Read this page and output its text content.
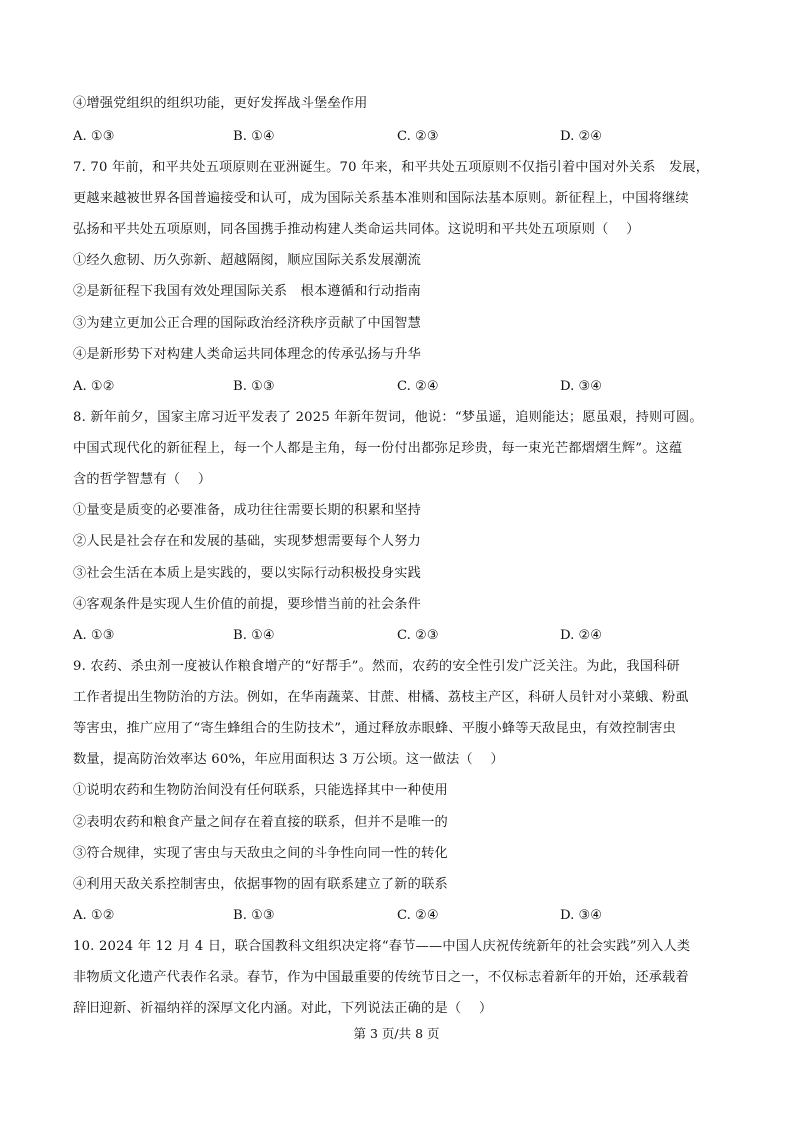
④增强党组织的组织功能，更好发挥战斗堡垒作用
A. ①③	B. ①④	C. ②③	D. ②④
7. 70 年前，和平共处五项原则在亚洲诞生。70 年来，和平共处五项原则不仅指引着中国对外关系　发展，
更越来越被世界各国普遍接受和认可，成为国际关系基本准则和国际法基本原则。新征程上，中国将继续
弘扬和平共处五项原则，同各国携手推动构建人类命运共同体。这说明和平共处五项原则（　 ）
①经久愈韧、历久弥新、超越隔阂，顺应国际关系发展潮流
②是新征程下我国有效处理国际关系　根本遵循和行动指南
③为建立更加公正合理的国际政治经济秩序贡献了中国智慧
④是新形势下对构建人类命运共同体理念的传承弘扬与升华
A. ①②	B. ①③	C. ②④	D. ③④
8. 新年前夕，国家主席习近平发表了 2025 年新年贺词，他说：“梦虽遥，追则能达；愿虽艰，持则可圆。
中国式现代化的新征程上，每一个人都是主角，每一份付出都弥足珍贵，每一束光芒都熠熠生辉”。这蕴
含的哲学智慧有（　 ）
①量变是质变的必要准备，成功往往需要长期的积累和坚持
②人民是社会存在和发展的基础，实现梦想需要每个人努力
③社会生活在本质上是实践的，要以实际行动积极投身实践
④客观条件是实现人生价值的前提，要珍惜当前的社会条件
A. ①③	B. ①④	C. ②③	D. ②④
9. 农药、杀虫剂一度被认作粮食增产的“好帮手”。然而，农药的安全性引发广泛关注。为此，我国科研
工作者提出生物防治的方法。例如，在华南蔬菜、甘蔗、柑橘、荔枝主产区，科研人员针对小菜蛾、粉虱
等害虫，推广应用了“寄生蜂组合的生防技术”，通过释放赤眼蜂、平腹小蜂等天敌昆虫，有效控制害虫
数量，提高防治效率达 60%，年应用面积达 3 万公顷。这一做法（　 ）
①说明农药和生物防治间没有任何联系，只能选择其中一种使用
②表明农药和粮食产量之间存在着直接的联系，但并不是唯一的
③符合规律，实现了害虫与天敌虫之间的斗争性向同一性的转化
④利用天敌关系控制害虫，依据事物的固有联系建立了新的联系
A. ①②	B. ①③	C. ②④	D. ③④
10. 2024 年 12 月 4 日，联合国教科文组织决定将“春节——中国人庆祝传统新年的社会实践”列入人类
非物质文化遗产代表作名录。春节，作为中国最重要的传统节日之一，不仅标志着新年的开始，还承载着
辞旧迎新、祈福纳祥的深厚文化内涵。对此，下列说法正确的是（　 ）
第 3 页/共 8 页
